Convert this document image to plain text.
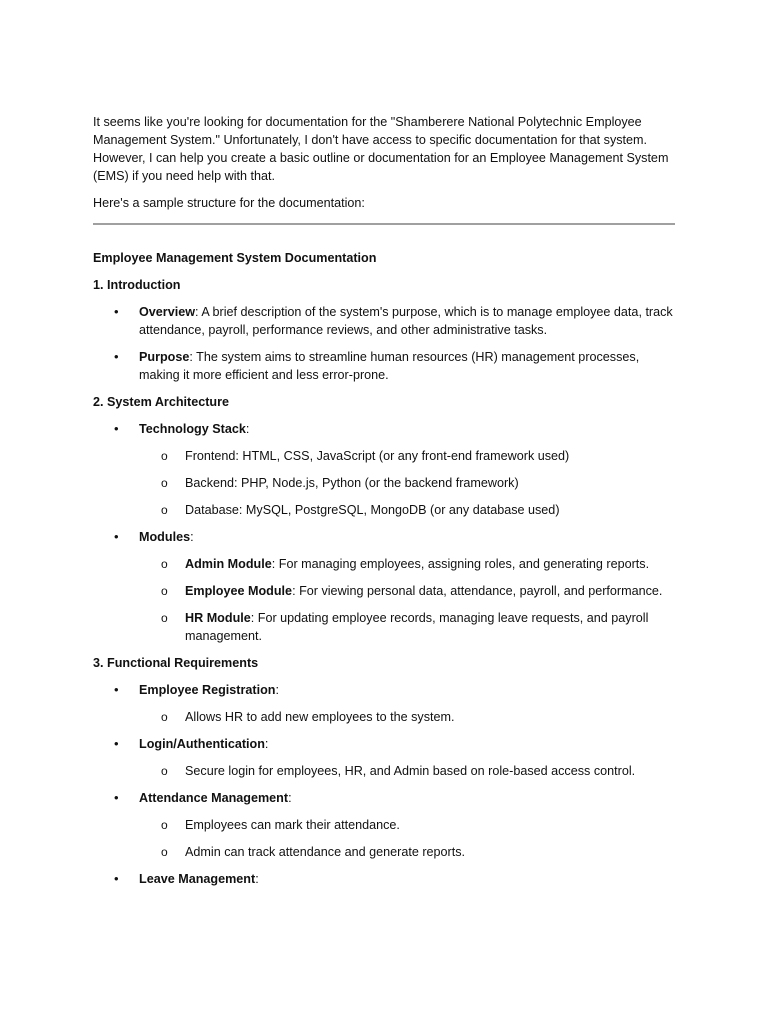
It seems like you're looking for documentation for the "Shamberere National Polytechnic Employee Management System." Unfortunately, I don't have access to specific documentation for that system. However, I can help you create a basic outline or documentation for an Employee Management System (EMS) if you need help with that.

Here's a sample structure for the documentation:

Employee Management System Documentation

1. Introduction

• Overview: A brief description of the system's purpose, which is to manage employee data, track attendance, payroll, performance reviews, and other administrative tasks.
• Purpose: The system aims to streamline human resources (HR) management processes, making it more efficient and less error-prone.

2. System Architecture

• Technology Stack:
o Frontend: HTML, CSS, JavaScript (or any front-end framework used)
o Backend: PHP, Node.js, Python (or the backend framework)
o Database: MySQL, PostgreSQL, MongoDB (or any database used)
• Modules:
o Admin Module: For managing employees, assigning roles, and generating reports.
o Employee Module: For viewing personal data, attendance, payroll, and performance.
o HR Module: For updating employee records, managing leave requests, and payroll management.

3. Functional Requirements

• Employee Registration:
o Allows HR to add new employees to the system.
• Login/Authentication:
o Secure login for employees, HR, and Admin based on role-based access control.
• Attendance Management:
o Employees can mark their attendance.
o Admin can track attendance and generate reports.
• Leave Management:
